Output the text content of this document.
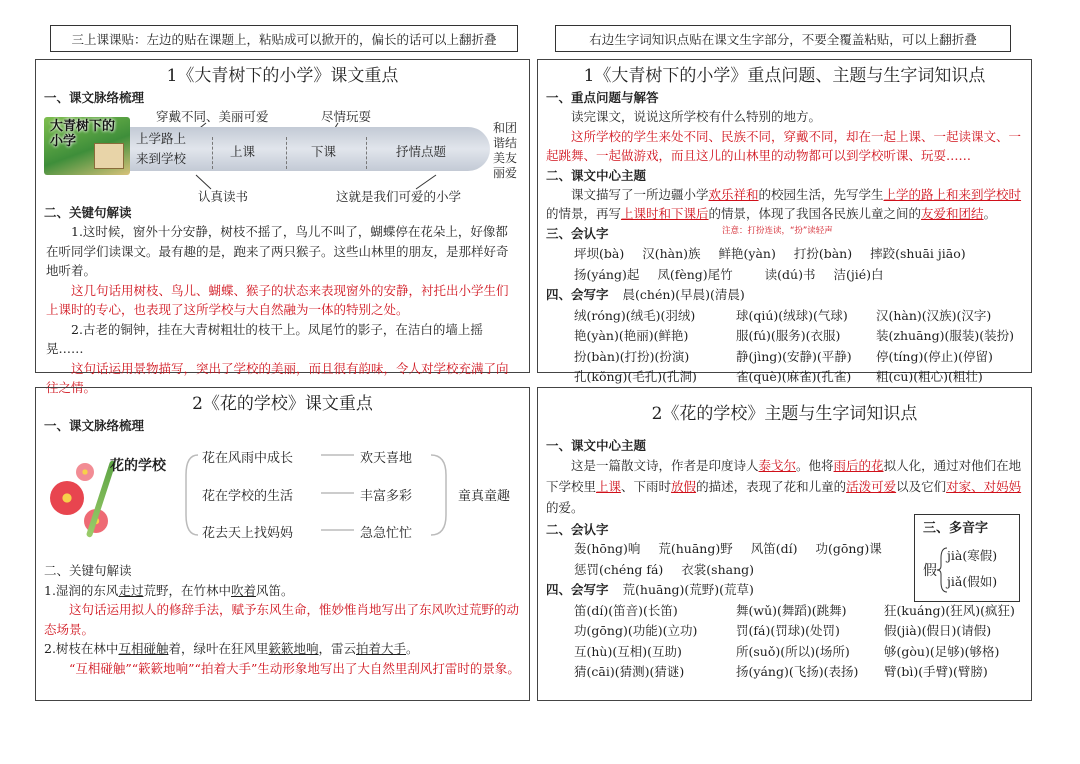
三上课课贴：左边的贴在课题上，粘贴成可以掀开的，偏长的话可以上翻折叠	右边生字词知识点贴在课文生字部分，不要全覆盖粘贴，可以上翻折叠
1《大青树下的小学》课文重点
一、课文脉络梳理
穿戴不同、美丽可爱	尽情玩耍
大青树下的小学	上学路上来到学校	上课	下课	抒情点题
认真读书	这就是我们可爱的小学
和团谐结美友丽爱
二、关键句解读
1.这时候，窗外十分安静，树枝不摇了，鸟儿不叫了，蝴蝶停在花朵上，好像都在听同学们读课文。最有趣的是，跑来了两只猴子。这些山林里的朋友，是那样好奇地听着。
这几句话用树枝、鸟儿、蝴蝶、猴子的状态来表现窗外的安静，衬托出小学生们上课时的专心，也表现了这所学校与大自然融为一体的特别之处。
2.古老的铜钟，挂在大青树粗壮的枝干上。凤尾竹的影子，在洁白的墙上摇晃……
这句话运用景物描写，突出了学校的美丽，而且很有韵味，令人对学校充满了向往之情。
1《大青树下的小学》重点问题、主题与生字词知识点
一、重点问题与解答
读完课文，说说这所学校有什么特别的地方。
这所学校的学生来处不同、民族不同，穿戴不同，却在一起上课、一起读课文、一起跳舞、一起做游戏，而且这儿的山林里的动物都可以到学校听课、玩耍……
二、课文中心主题
课文描写了一所边疆小学欢乐祥和的校园生活，先写学生上学的路上和来到学校时的情景，再写上课时和下课后的情景，体现了我国各民族儿童之间的友爱和团结。
三、会认字	注意：打扮连读，“扮”读轻声
坪坝(bà) 汉(hàn)族 鲜艳(yàn) 打扮(bàn) 摔跤(shuāi jiāo)
扬(yáng)起 凤(fèng)尾竹	读(dú)书 洁(jié)白
四、会写字 晨(chén)(早晨)(清晨)
绒(róng)(绒毛)(羽绒)	球(qiú)(绒球)(气球)	汉(hàn)(汉族)(汉字)
艳(yàn)(艳丽)(鲜艳)	服(fú)(服务)(衣服)	装(zhuāng)(服装)(装扮)
扮(bàn)(打扮)(扮演)	静(jìng)(安静)(平静)	停(tíng)(停止)(停留)
孔(kǒng)(毛孔)(孔洞)	雀(què)(麻雀)(孔雀)	粗(cū)(粗心)(粗壮)
2《花的学校》课文重点
一、课文脉络梳理
花的学校	花在风雨中成长	欢天喜地
花在学校的生活	丰富多彩
花去天上找妈妈	急急忙忙
童真童趣
二、关键句解读
1.湿润的东风走过荒野，在竹林中吹着风笛。
这句话运用拟人的修辞手法，赋予东风生命，惟妙惟肖地写出了东风吹过荒野的动态场景。
2.树枝在林中互相碰触着，绿叶在狂风里簌簌地响，雷云拍着大手。
“互相碰触”“簌簌地响”“拍着大手”生动形象地写出了大自然里刮风打雷时的景象。
2《花的学校》主题与生字词知识点
一、课文中心主题
这是一篇散文诗，作者是印度诗人泰戈尔。他将雨后的花拟人化，通过对他们在地下学校里上课、下雨时放假的描述，表现了花和儿童的活泼可爱以及它们对家、对妈妈的爱。
二、会认字
轰(hōng)响 荒(huāng)野 风笛(dí) 功(gōng)课
惩罚(chéng fá) 衣裳(shang)
四、会写字 荒(huāng)(荒野)(荒草)
笛(dí)(笛音)(长笛)	舞(wǔ)(舞蹈)(跳舞)	狂(kuáng)(狂风)(疯狂)
功(gōng)(功能)(立功)	罚(fá)(罚球)(处罚)	假(jià)(假日)(请假)
互(hù)(互相)(互助)	所(suǒ)(所以)(场所)	够(gòu)(足够)(够格)
猜(cāi)(猜测)(猜谜)	扬(yáng)(飞扬)(表扬)	臂(bì)(手臂)(臂膀)
三、多音字
假
jià(寒假)
jiǎ(假如)
